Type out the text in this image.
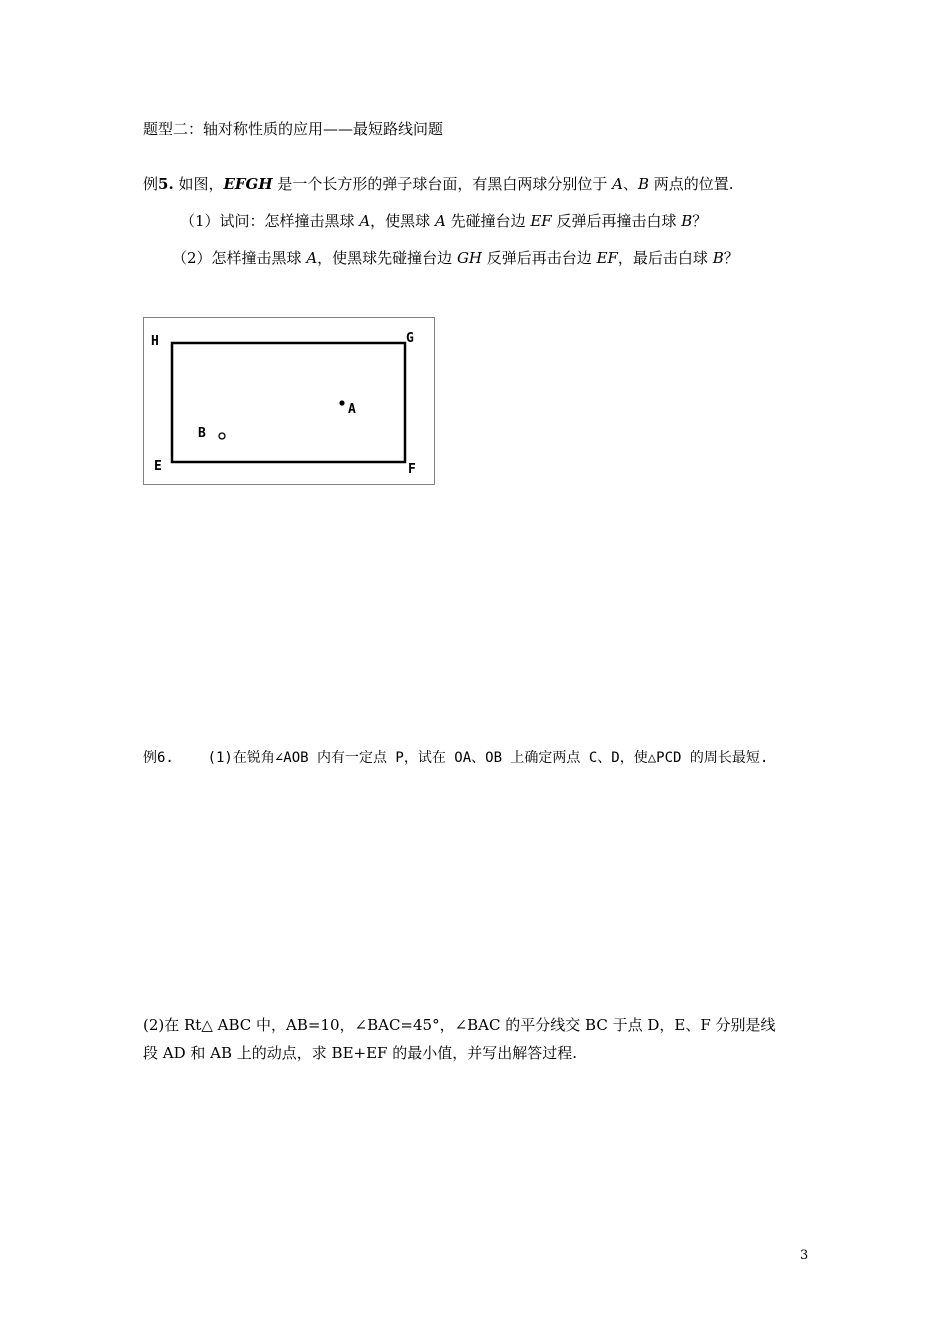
题型二：轴对称性质的应用——最短路线问题
例5. 如图，EFGH 是一个长方形的弹子球台面，有黑白两球分别位于 A、B 两点的位置.
（1）试问：怎样撞击黑球 A，使黑球 A 先碰撞台边 EF 反弹后再撞击白球 B？
（2）怎样撞击黑球 A，使黑球先碰撞台边 GH 反弹后再击台边 EF，最后击白球 B？
H	G
E	F
A
B
例6. (1)在锐角∠AOB 内有一定点 P，试在 OA、OB 上确定两点 C、D，使△PCD 的周长最短.
(2)在 Rt△ ABC 中，AB=10，∠BAC=45°，∠BAC 的平分线交 BC 于点 D，E、F 分别是线
段 AD 和 AB 上的动点，求 BE+EF 的最小值，并写出解答过程.
3
